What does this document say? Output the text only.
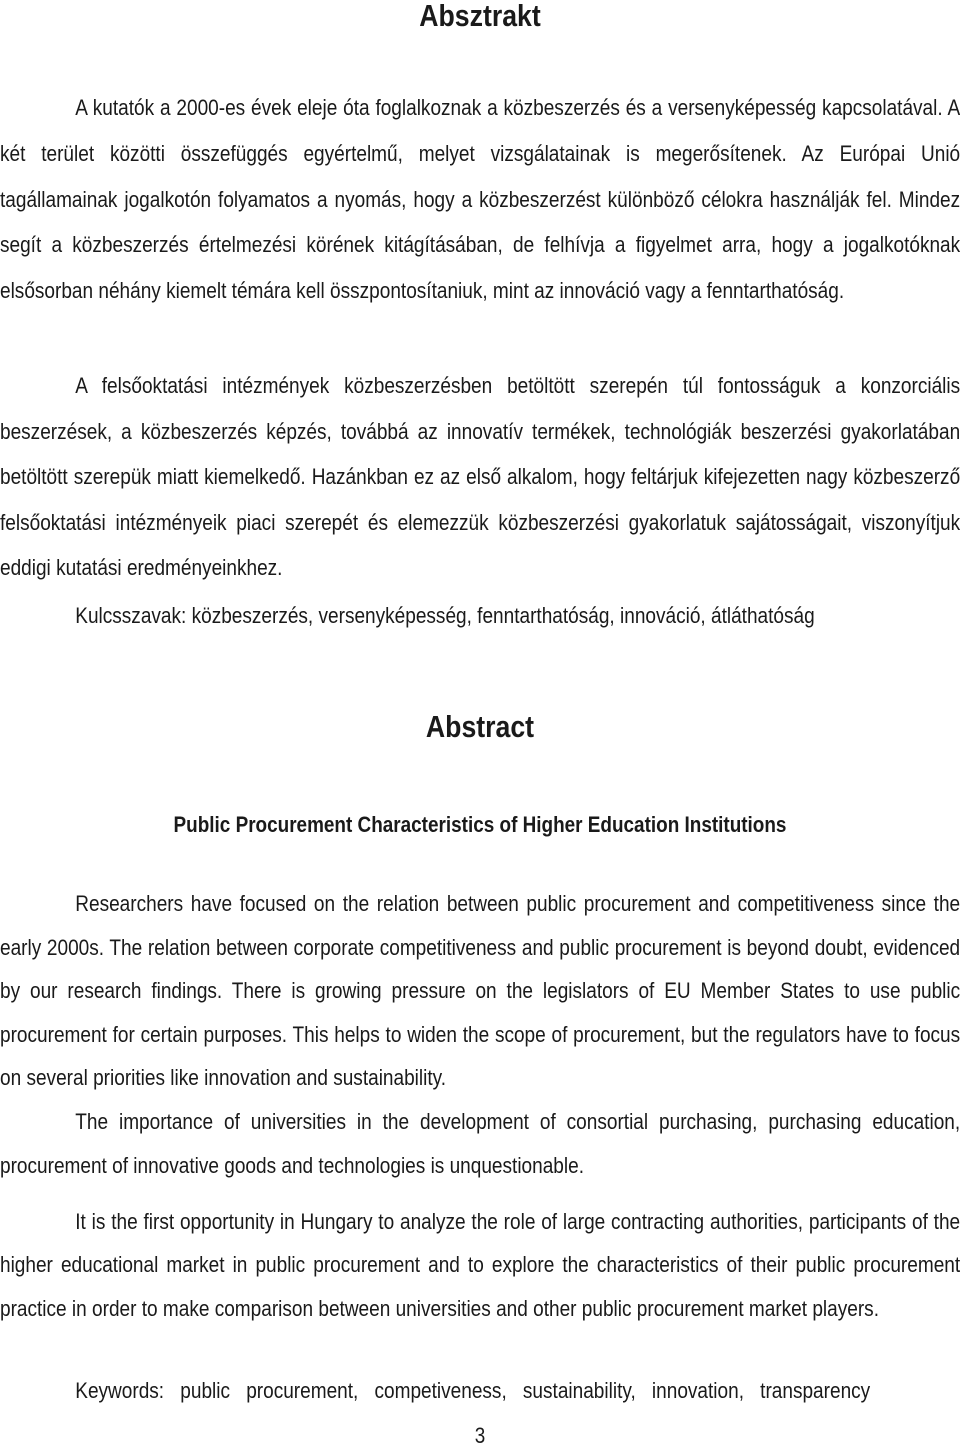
Absztrakt

A kutatók a 2000-es évek eleje óta foglalkoznak a közbeszerzés és a versenyképesség kapcsolatával. A két terület közötti összefüggés egyértelmű, melyet vizsgálatainak is megerősítenek. Az Európai Unió tagállamainak jogalkotón folyamatos a nyomás, hogy a közbeszerzést különböző célokra használják fel. Mindez segít a közbeszerzés értelmezési körének kitágításában, de felhívja a figyelmet arra, hogy a jogalkotóknak elsősorban néhány kiemelt témára kell összpontosítaniuk, mint az innováció vagy a fenntarthatóság.

A felsőoktatási intézmények közbeszerzésben betöltött szerepén túl fontosságuk a konzorciális beszerzések, a közbeszerzés képzés, továbbá az innovatív termékek, technológiák beszerzési gyakorlatában betöltött szerepük miatt kiemelkedő. Hazánkban ez az első alkalom, hogy feltárjuk kifejezetten nagy közbeszerző felsőoktatási intézményeik piaci szerepét és elemezzük közbeszerzési gyakorlatuk sajátosságait, viszonyítjuk eddigi kutatási eredményeinkhez.

Kulcsszavak: közbeszerzés, versenyképesség, fenntarthatóság, innováció, átláthatóság

Abstract
Public Procurement Characteristics of Higher Education Institutions

Researchers have focused on the relation between public procurement and competitiveness since the early 2000s. The relation between corporate competitiveness and public procurement is beyond doubt, evidenced by our research findings. There is growing pressure on the legislators of EU Member States to use public procurement for certain purposes. This helps to widen the scope of procurement, but the regulators have to focus on several priorities like innovation and sustainability.

The importance of universities in the development of consortial purchasing, purchasing education, procurement of innovative goods and technologies is unquestionable.

It is the first opportunity in Hungary to analyze the role of large contracting authorities, participants of the higher educational market in public procurement and to explore the characteristics of their public procurement practice in order to make comparison between universities and other public procurement market players.

Keywords: public procurement, competiveness, sustainability, innovation, transparency

3
